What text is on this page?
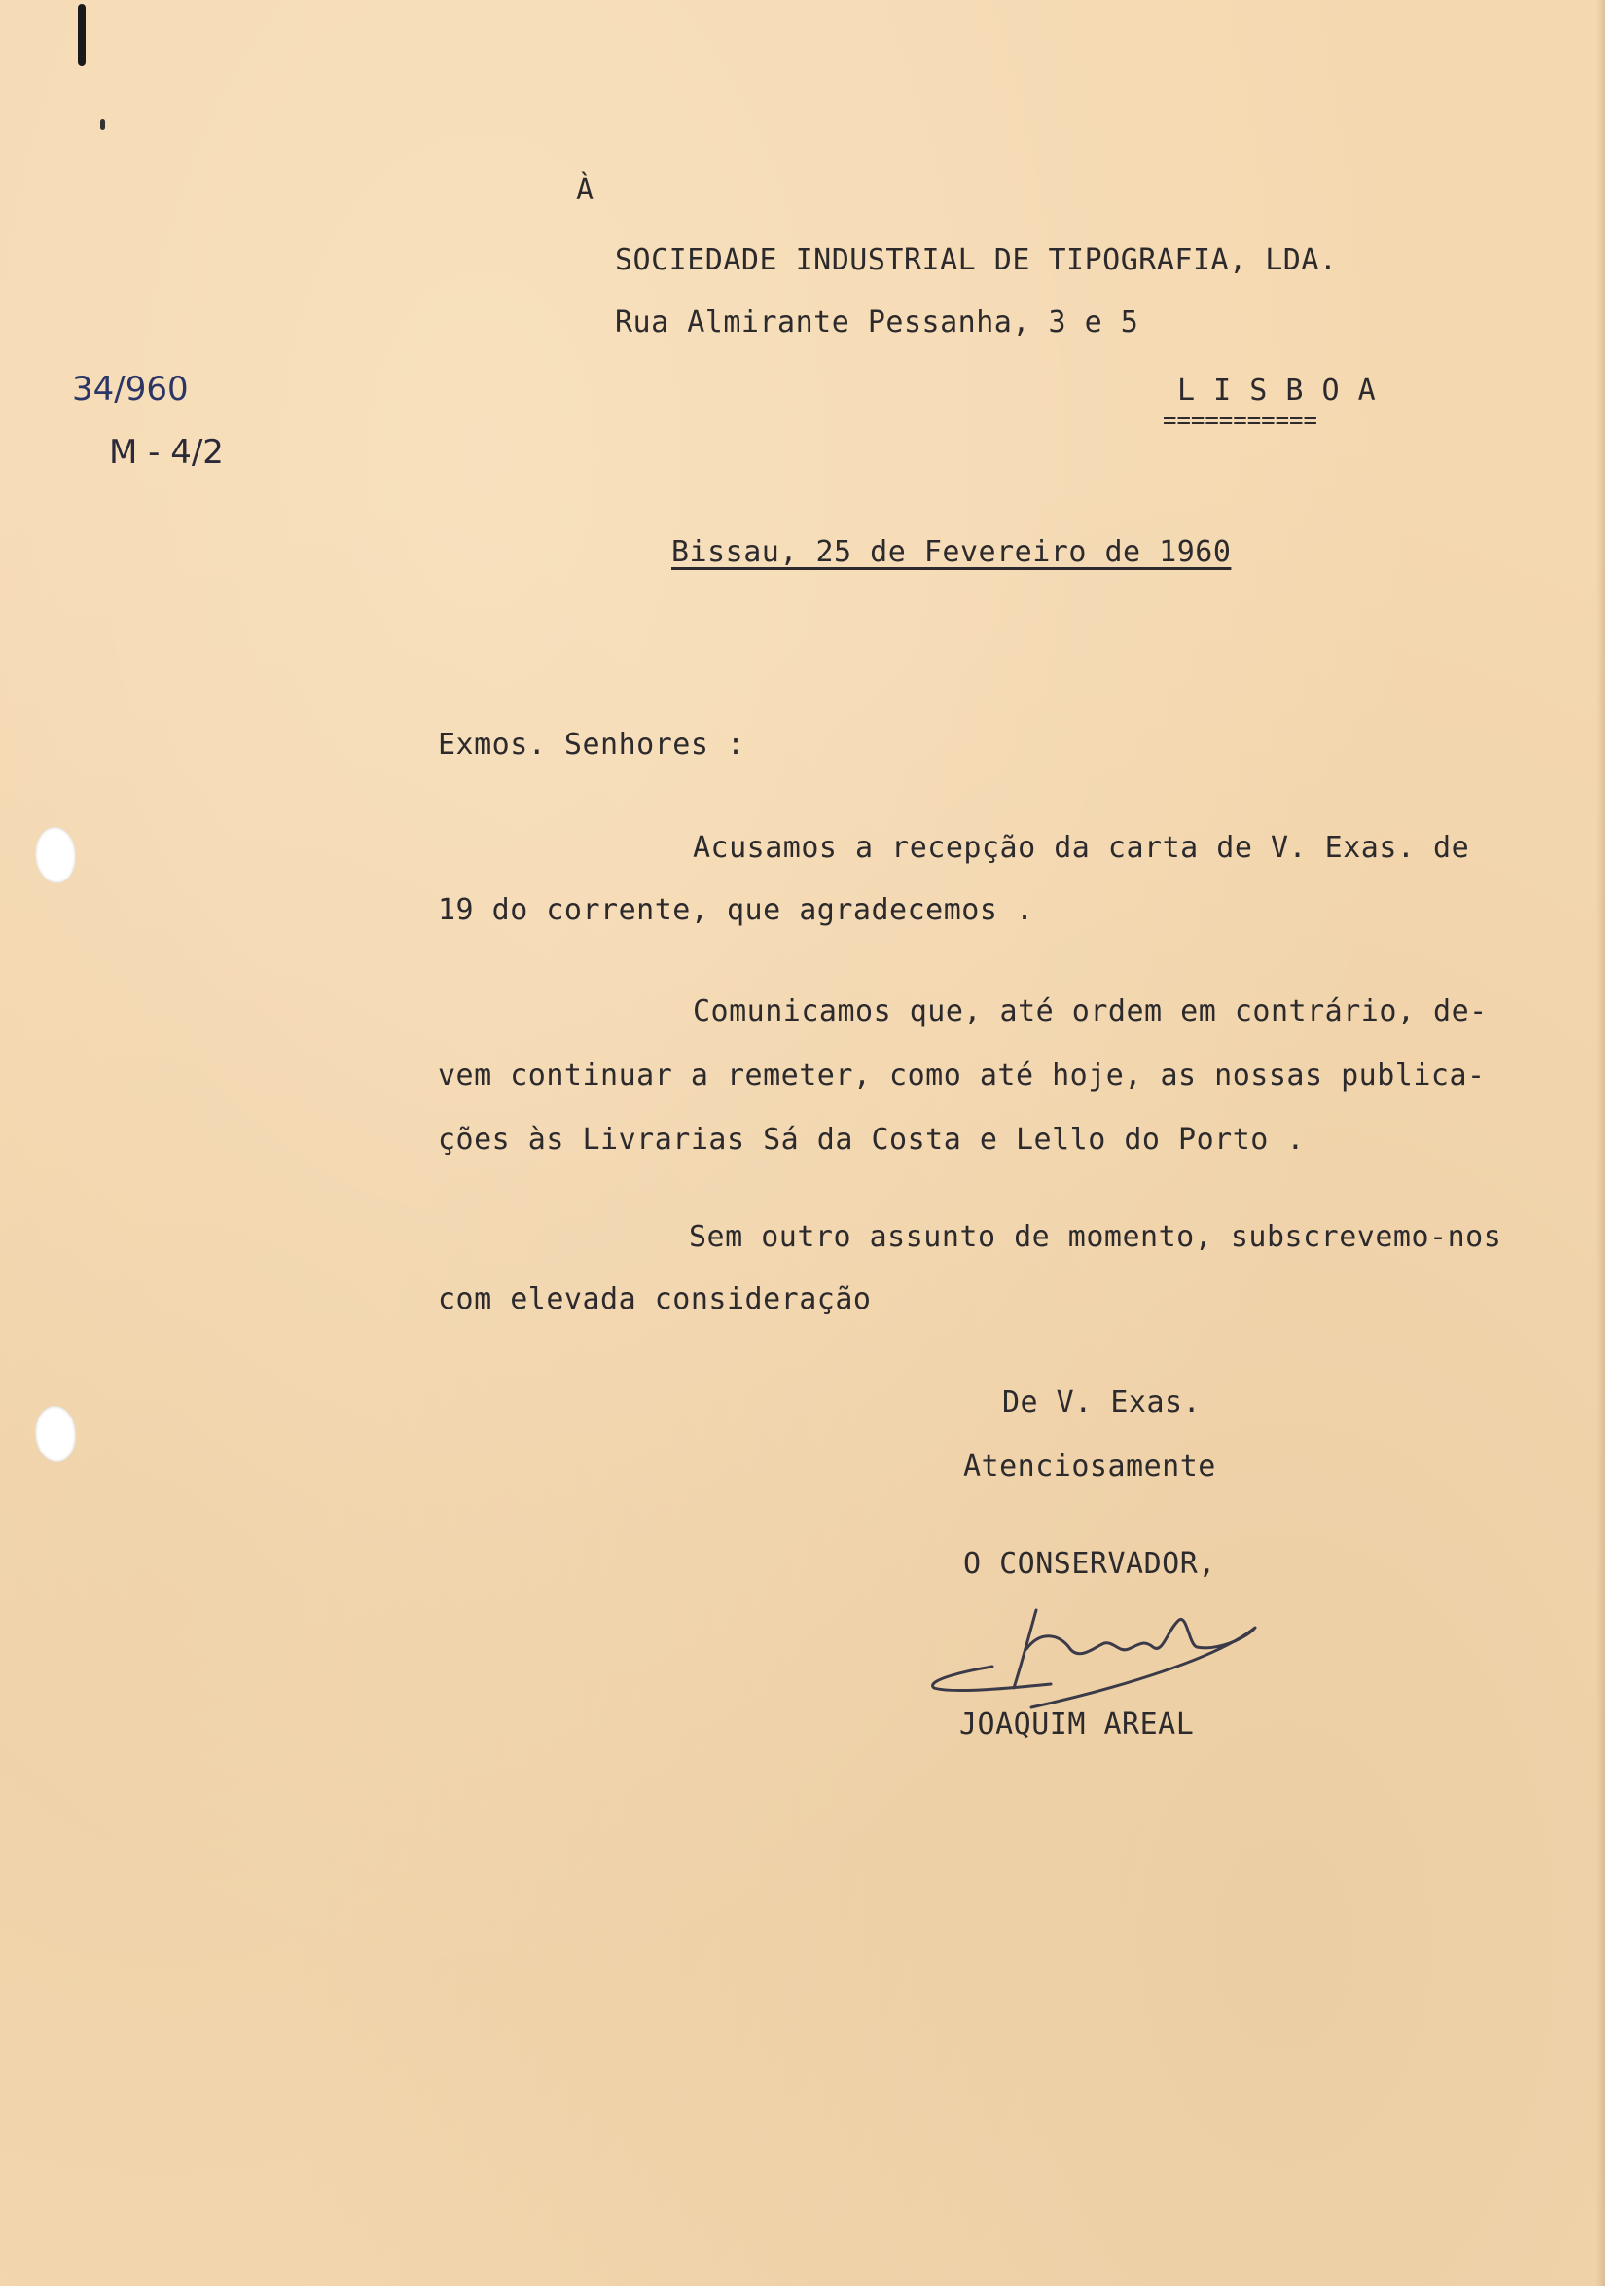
À
SOCIEDADE INDUSTRIAL DE TIPOGRAFIA, LDA.
Rua Almirante Pessanha, 3 e 5
L I S B O A
===========
34/960
M - 4/2
Bissau, 25 de Fevereiro de 1960
Exmos. Senhores :
Acusamos a recepção da carta de V. Exas. de
19 do corrente, que agradecemos .
Comunicamos que, até ordem em contrário, de-
vem continuar a remeter, como até hoje, as nossas publica-
ções às Livrarias Sá da Costa e Lello do Porto .
Sem outro assunto de momento, subscrevemo-nos
com elevada consideração
De V. Exas.
Atenciosamente
O CONSERVADOR,
JOAQUIM AREAL
